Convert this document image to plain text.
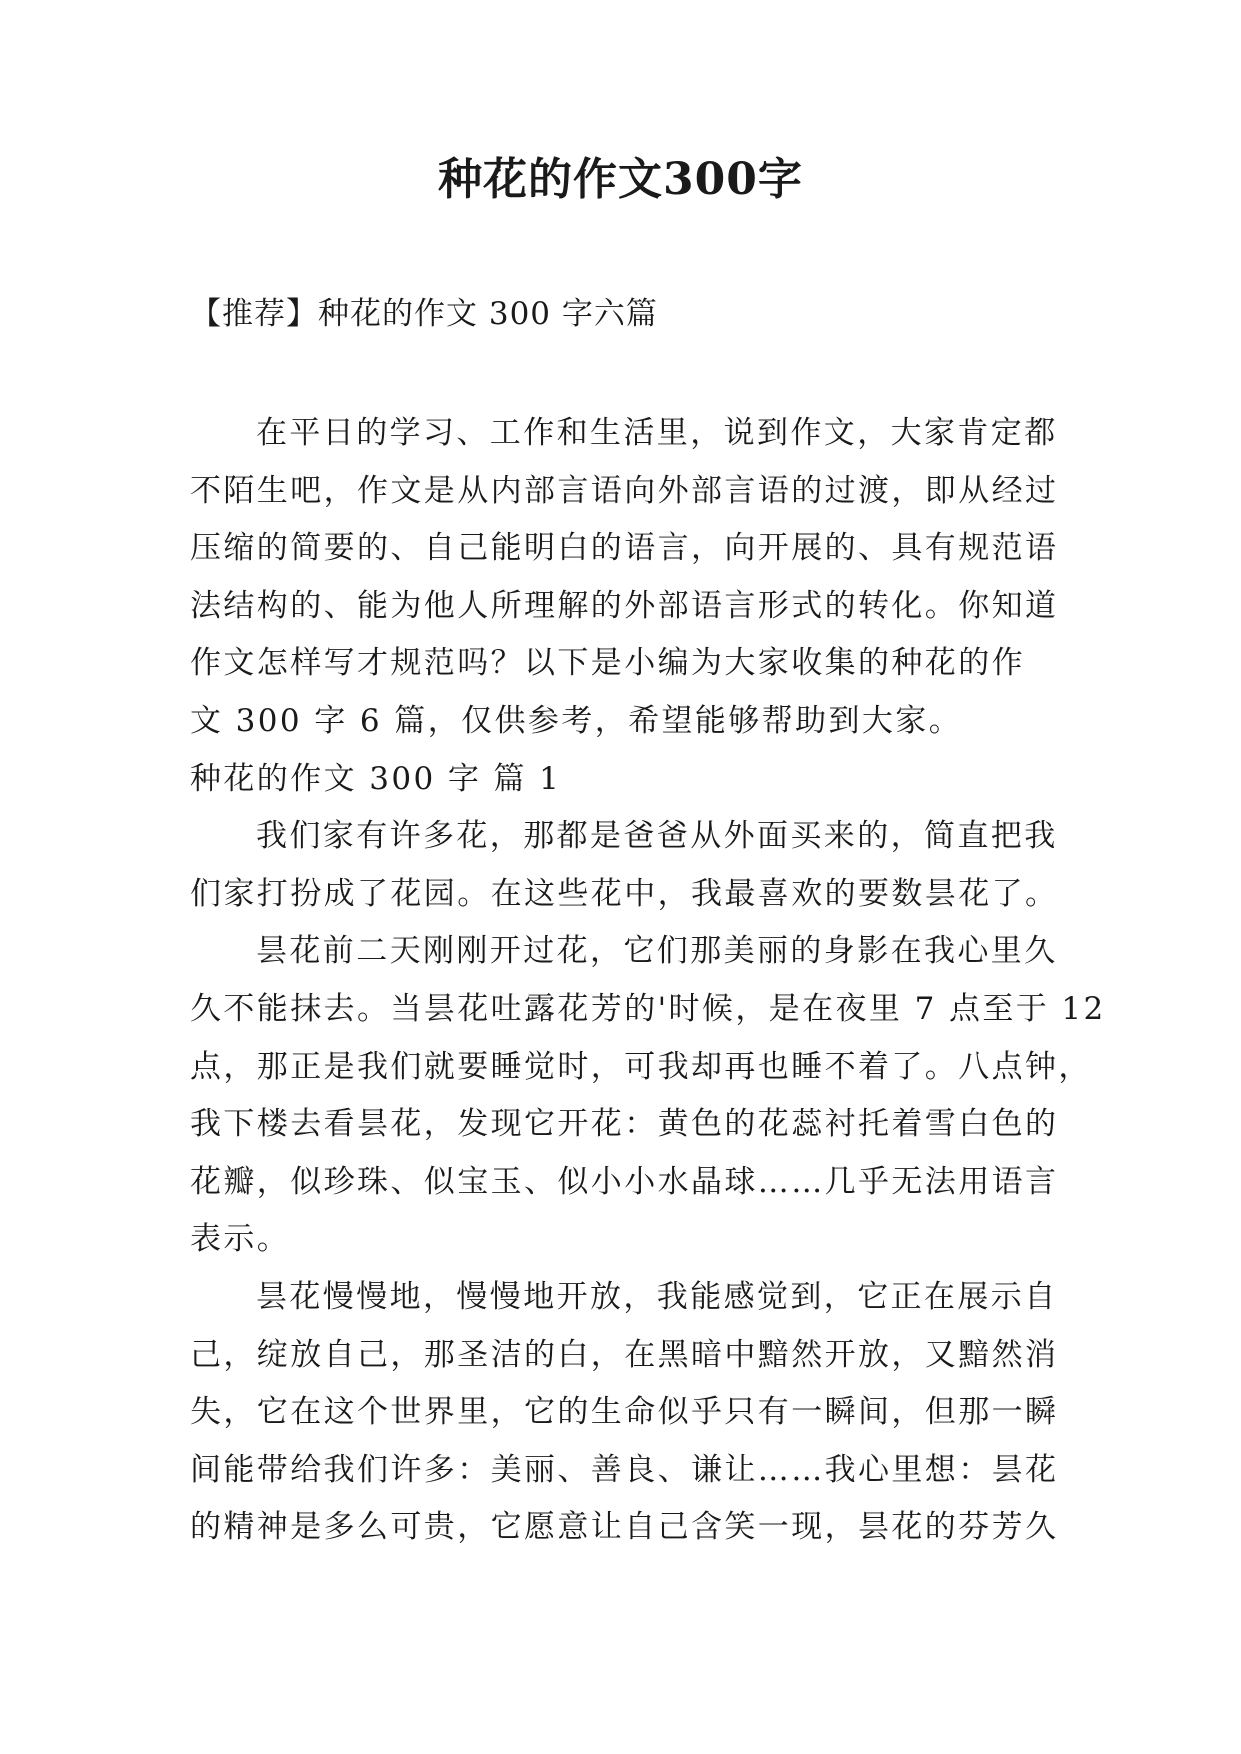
种花的作文300字

【推荐】种花的作文 300 字六篇

在平日的学习、工作和生活里，说到作文，大家肯定都
不陌生吧，作文是从内部言语向外部言语的过渡，即从经过
压缩的简要的、自己能明白的语言，向开展的、具有规范语
法结构的、能为他人所理解的外部语言形式的转化。你知道
作文怎样写才规范吗？以下是小编为大家收集的种花的作
文 300 字 6 篇，仅供参考，希望能够帮助到大家。
种花的作文 300 字 篇 1
我们家有许多花，那都是爸爸从外面买来的，简直把我
们家打扮成了花园。在这些花中，我最喜欢的要数昙花了。
昙花前二天刚刚开过花，它们那美丽的身影在我心里久
久不能抹去。当昙花吐露花芳的'时候，是在夜里 7 点至于 12
点，那正是我们就要睡觉时，可我却再也睡不着了。八点钟，
我下楼去看昙花，发现它开花：黄色的花蕊衬托着雪白色的
花瓣，似珍珠、似宝玉、似小小水晶球……几乎无法用语言
表示。
昙花慢慢地，慢慢地开放，我能感觉到，它正在展示自
己，绽放自己，那圣洁的白，在黑暗中黯然开放，又黯然消
失，它在这个世界里，它的生命似乎只有一瞬间，但那一瞬
间能带给我们许多：美丽、善良、谦让……我心里想：昙花
的精神是多么可贵，它愿意让自己含笑一现，昙花的芬芳久
